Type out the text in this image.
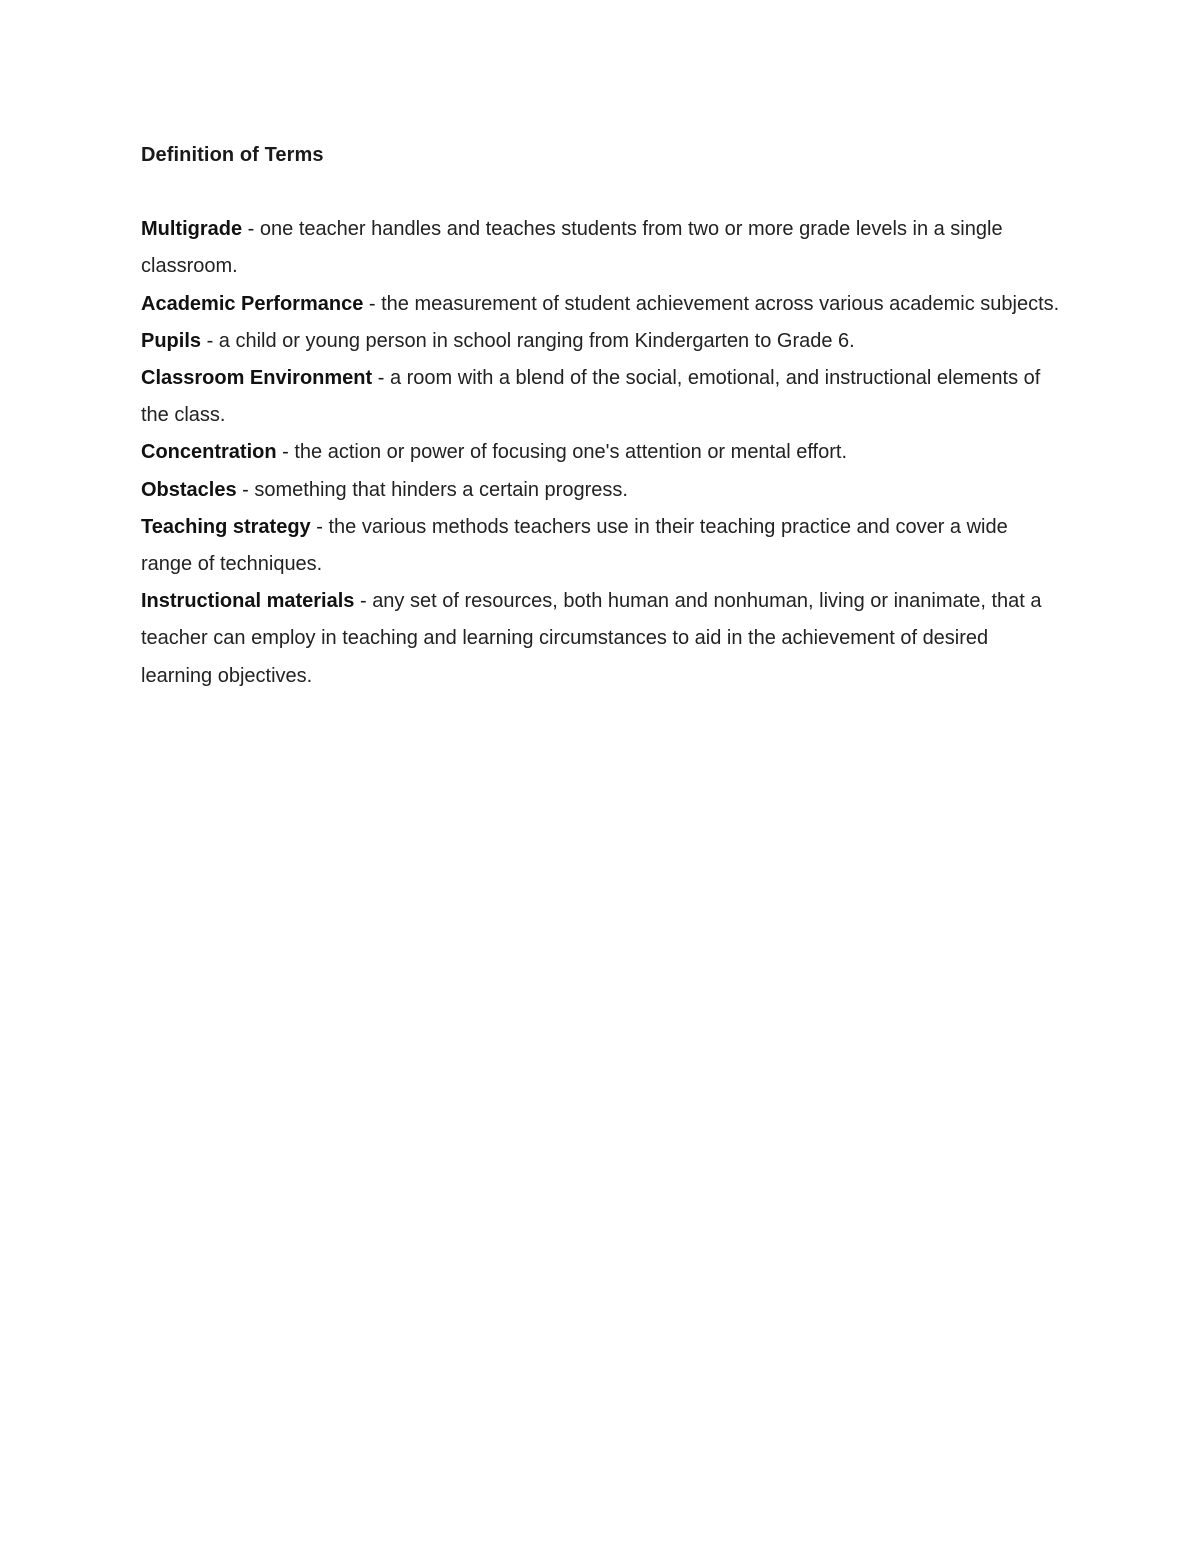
Definition of Terms

Multigrade - one teacher handles and teaches students from two or more grade levels in a single classroom.

Academic Performance - the measurement of student achievement across various academic subjects.

Pupils - a child or young person in school ranging from Kindergarten to Grade 6.

Classroom Environment - a room with a blend of the social, emotional, and instructional elements of the class.

Concentration - the action or power of focusing one's attention or mental effort.

Obstacles - something that hinders a certain progress.

Teaching strategy - the various methods teachers use in their teaching practice and cover a wide range of techniques.

Instructional materials - any set of resources, both human and nonhuman, living or inanimate, that a teacher can employ in teaching and learning circumstances to aid in the achievement of desired learning objectives.
